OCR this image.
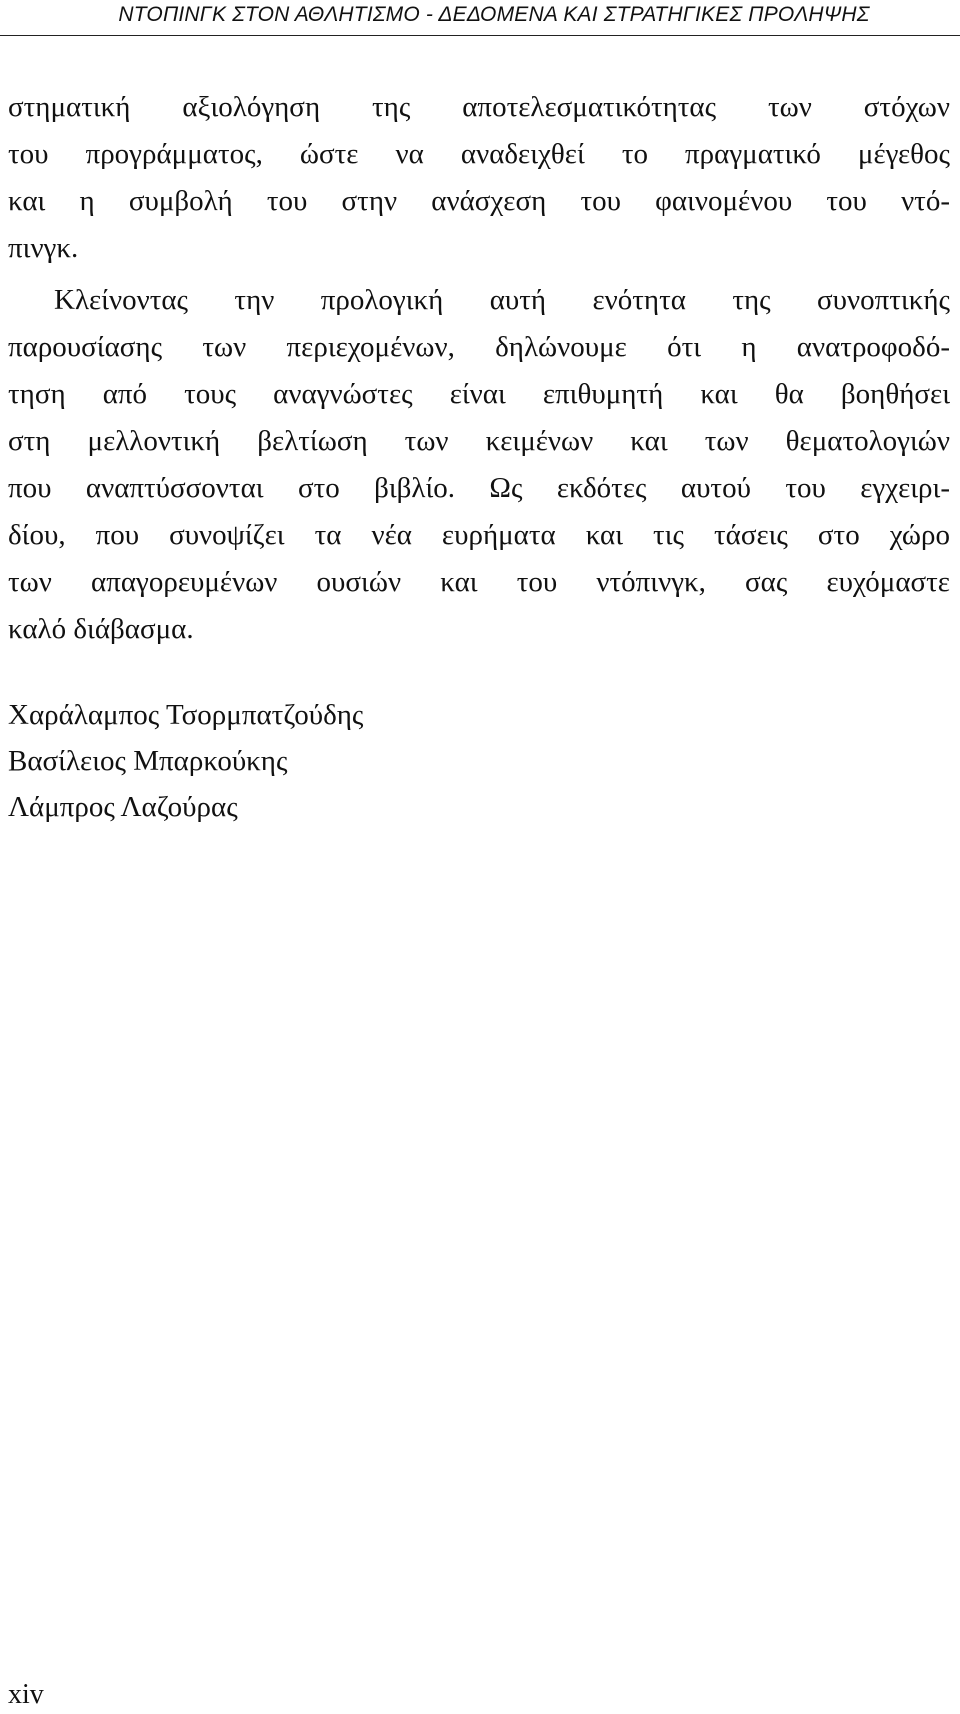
ΝΤΟΠΙΝΓΚ ΣΤΟΝ ΑΘΛΗΤΙΣΜΟ - ΔΕΔΟΜΕΝΑ ΚΑΙ ΣΤΡΑΤΗΓΙΚΕΣ ΠΡΟΛΗΨΗΣ
στηματική αξιολόγηση της αποτελεσματικότητας των στόχων
του προγράμματος, ώστε να αναδειχθεί το πραγματικό μέγεθος
και η συμβολή του στην ανάσχεση του φαινομένου του ντό-
πινγκ.
Κλείνοντας την προλογική αυτή ενότητα της συνοπτικής
παρουσίασης των περιεχομένων, δηλώνουμε ότι η ανατροφοδό-
τηση από τους αναγνώστες είναι επιθυμητή και θα βοηθήσει
στη μελλοντική βελτίωση των κειμένων και των θεματολογιών
που αναπτύσσονται στο βιβλίο. Ως εκδότες αυτού του εγχειρι-
δίου, που συνοψίζει τα νέα ευρήματα και τις τάσεις στο χώρο
των απαγορευμένων ουσιών και του ντόπινγκ, σας ευχόμαστε
καλό διάβασμα.
Χαράλαμπος Τσορμπατζούδης
Βασίλειος Μπαρκούκης
Λάμπρος Λαζούρας
xiv
